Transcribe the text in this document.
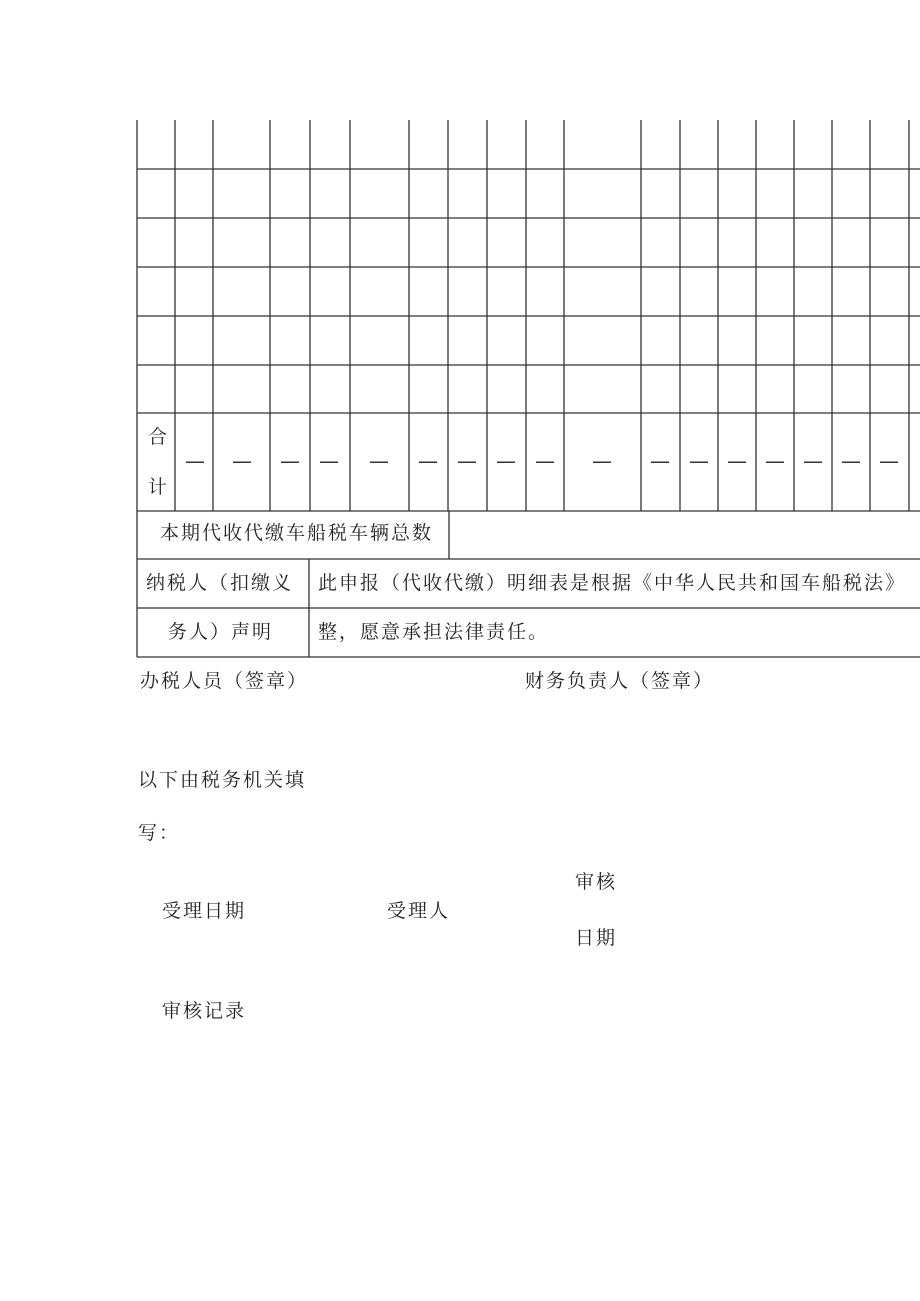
— — — — — — — — — — — — — — — — —
合
计
本期代收代缴车船税车辆总数
纳税人（扣缴义
务人）声明
此申报（代收代缴）明细表是根据《中华人民共和国车船税法》
整，愿意承担法律责任。
办税人员（签章）	财务负责人（签章）
以下由税务机关填
写：
受理日期	受理人
审核
日期
审核记录
